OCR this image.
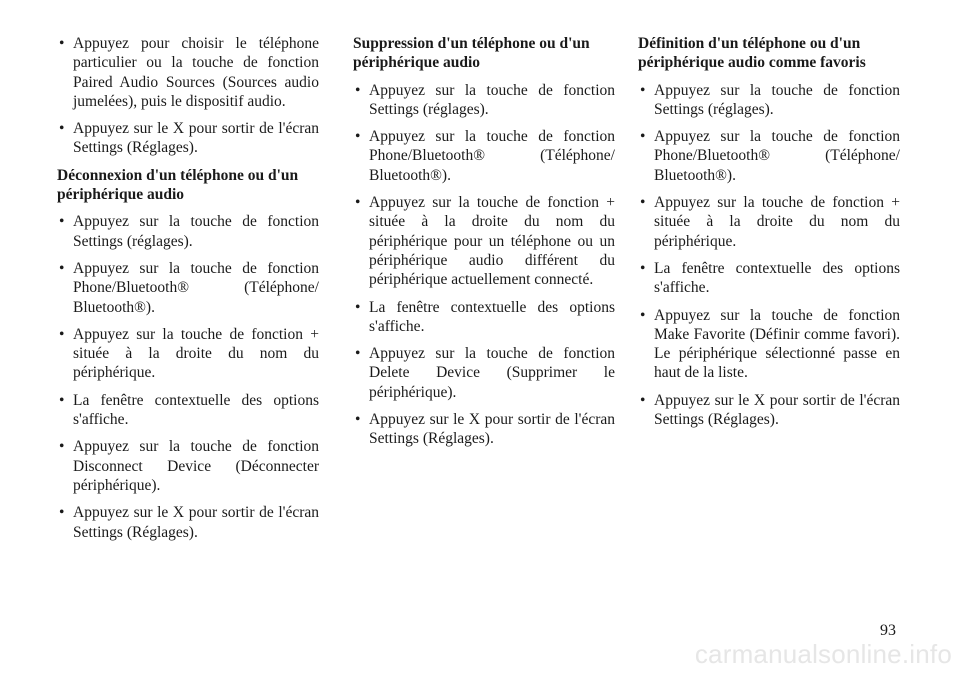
• Appuyez pour choisir le téléphone particulier ou la touche de fonction Paired Audio Sources (Sources audio jumelées), puis le dispositif audio.
• Appuyez sur le X pour sortir de l'écran Settings (Réglages).
Déconnexion d'un téléphone ou d'un périphérique audio
• Appuyez sur la touche de fonction Settings (réglages).
• Appuyez sur la touche de fonction Phone/Bluetooth® (Téléphone/ Bluetooth®).
• Appuyez sur la touche de fonction + située à la droite du nom du périphérique.
• La fenêtre contextuelle des options s'affiche.
• Appuyez sur la touche de fonction Disconnect Device (Déconnecter périphérique).
• Appuyez sur le X pour sortir de l'écran Settings (Réglages).
Suppression d'un téléphone ou d'un périphérique audio
• Appuyez sur la touche de fonction Settings (réglages).
• Appuyez sur la touche de fonction Phone/Bluetooth® (Téléphone/ Bluetooth®).
• Appuyez sur la touche de fonction + située à la droite du nom du périphérique pour un téléphone ou un périphérique audio différent du périphérique actuellement connecté.
• La fenêtre contextuelle des options s'affiche.
• Appuyez sur la touche de fonction Delete Device (Supprimer le périphérique).
• Appuyez sur le X pour sortir de l'écran Settings (Réglages).
Définition d'un téléphone ou d'un périphérique audio comme favoris
• Appuyez sur la touche de fonction Settings (réglages).
• Appuyez sur la touche de fonction Phone/Bluetooth® (Téléphone/ Bluetooth®).
• Appuyez sur la touche de fonction + située à la droite du nom du périphérique.
• La fenêtre contextuelle des options s'affiche.
• Appuyez sur la touche de fonction Make Favorite (Définir comme favori). Le périphérique sélectionné passe en haut de la liste.
• Appuyez sur le X pour sortir de l'écran Settings (Réglages).
93
carmanualsonline.info
